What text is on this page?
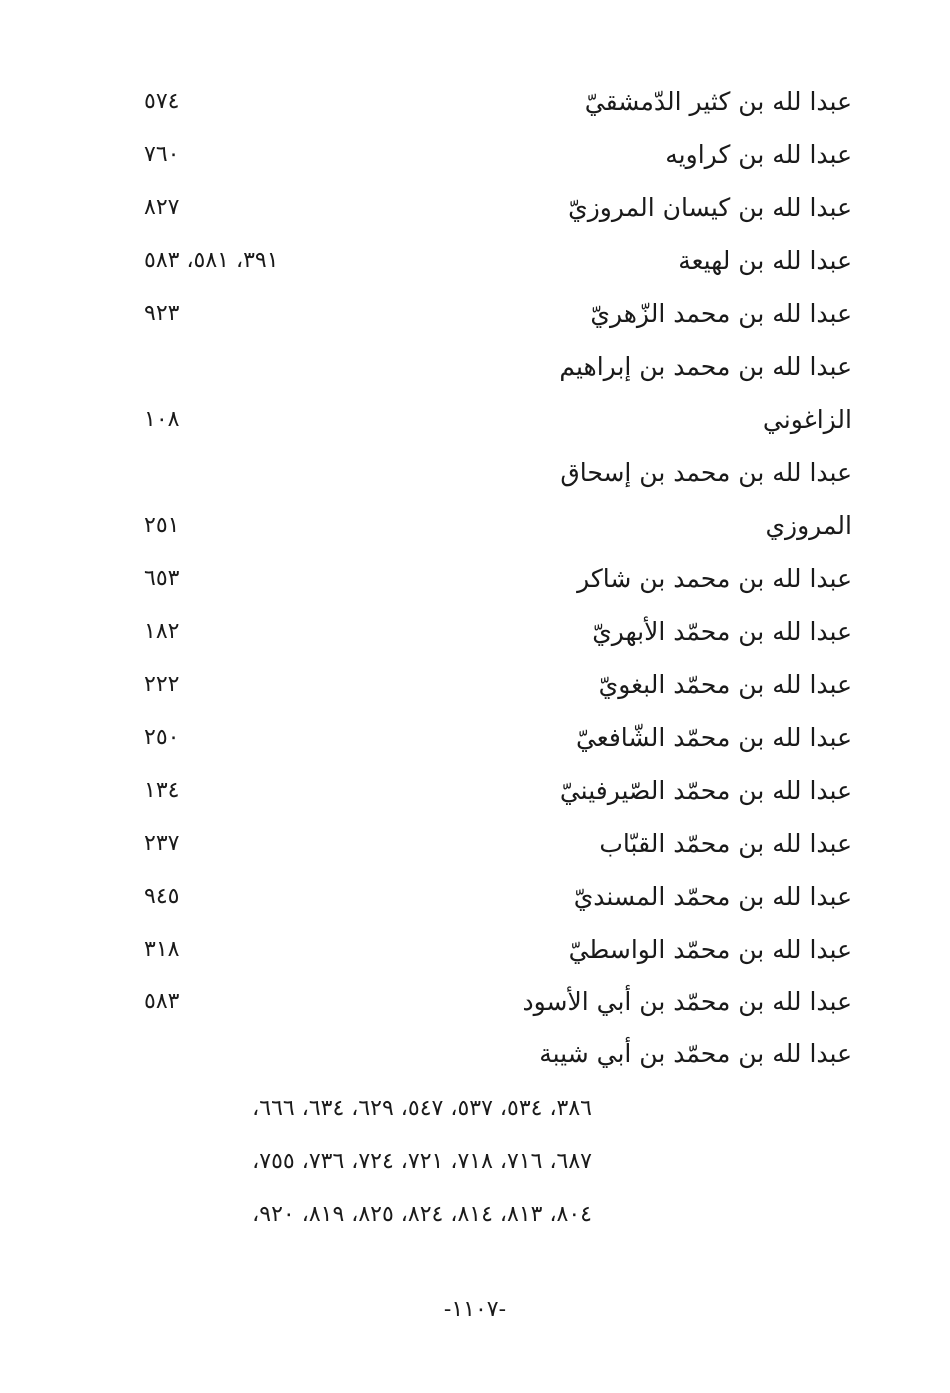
عبدا لله بن كثير الدّمشقيّ
٥٧٤
عبدا لله بن كراويه
٧٦٠
عبدا لله بن كيسان المروزيّ
٨٢٧
عبدا لله بن لهيعة
٣٩١، ٥٨١، ٥٨٣
عبدا لله بن محمد الزّهريّ
٩٢٣
عبدا لله بن محمد بن إبراهيم
الزاغوني
١٠٨
عبدا لله بن محمد بن إسحاق
المروزي
٢٥١
عبدا لله بن محمد بن شاكر
٦٥٣
عبدا لله بن محمّد الأبهريّ
١٨٢
عبدا لله بن محمّد البغويّ
٢٢٢
عبدا لله بن محمّد الشّافعيّ
٢٥٠
عبدا لله بن محمّد الصّيرفينيّ
١٣٤
عبدا لله بن محمّد القبّاب
٢٣٧
عبدا لله بن محمّد المسنديّ
٩٤٥
عبدا لله بن محمّد الواسطيّ
٣١٨
عبدا لله بن محمّد بن أبي الأسود
٥٨٣
عبدا لله بن محمّد بن أبي شيبة
٣٨٦، ٥٣٤، ٥٣٧، ٥٤٧، ٦٢٩، ٦٣٤، ٦٦٦،
٦٨٧، ٧١٦، ٧١٨، ٧٢١، ٧٢٤، ٧٣٦، ٧٥٥،
٨٠٤، ٨١٣، ٨١٤، ٨٢٤، ٨٢٥، ٨١٩، ٩٢٠،
-١١٠٧-
